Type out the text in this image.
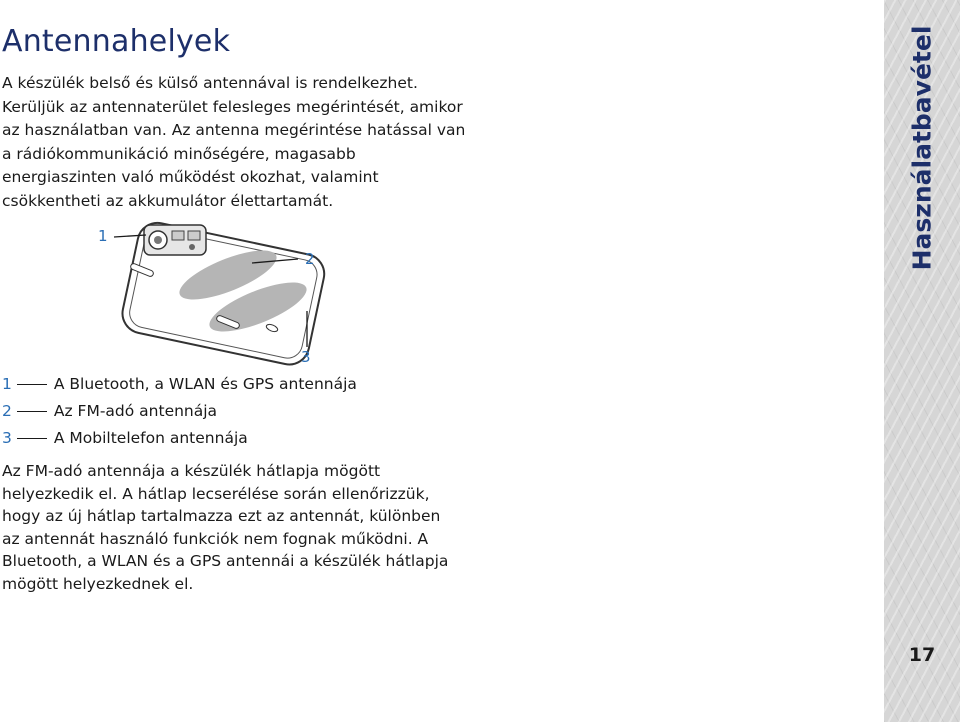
Antennahelyek

A készülék belső és külső antennával is rendelkezhet. Kerüljük az antennaterület felesleges megérintését, amikor az használatban van. Az antenna megérintése hatással van a rádiókommunikáció minőségére, magasabb energiaszinten való működést okozhat, valamint csökkentheti az akkumulátor élettartamát.

1
2
3
1	A Bluetooth, a WLAN és GPS antennája
2	Az FM-adó antennája
3	A Mobiltelefon antennája

Az FM-adó antennája a készülék hátlapja mögött helyezkedik el. A hátlap lecserélése során ellenőrizzük, hogy az új hátlap tartalmazza ezt az antennát, különben az antennát használó funkciók nem fognak működni. A Bluetooth, a WLAN és a GPS antennái a készülék hátlapja mögött helyezkednek el.

Használatbavétel
17
